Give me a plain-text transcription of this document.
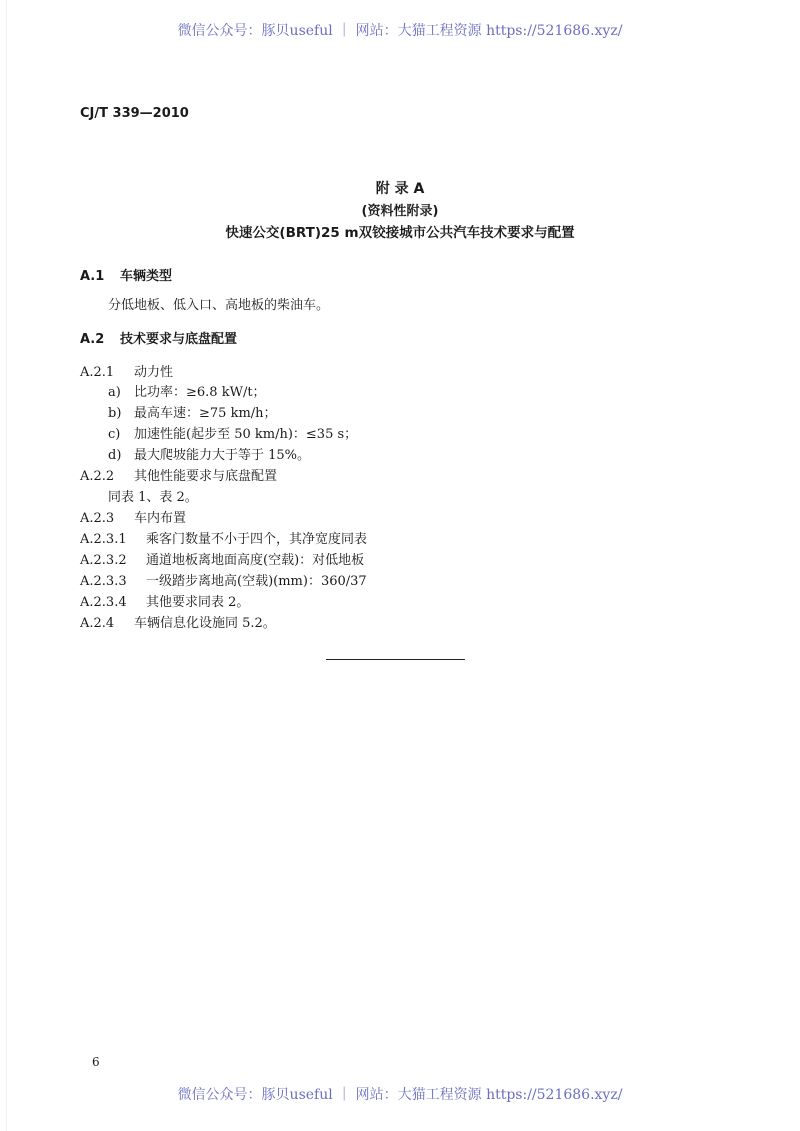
微信公众号：豚贝useful ｜ 网站：大猫工程资源 https://521686.xyz/
CJ/T 339—2010
附 录 A
(资料性附录)
快速公交(BRT)25 m双铰接城市公共汽车技术要求与配置
A.1 车辆类型
分低地板、低入口、高地板的柴油车。
A.2 技术要求与底盘配置
A.2.1 动力性
a) 比功率：≥6.8 kW/t；
b) 最高车速：≥75 km/h；
c) 加速性能(起步至 50 km/h)：≤35 s；
d) 最大爬坡能力大于等于 15%。
A.2.2 其他性能要求与底盘配置
同表 1、表 2。
A.2.3 车内布置
A.2.3.1 乘客门数量不小于四个，其净宽度同表
A.2.3.2 通道地板离地面高度(空载)：对低地板
A.2.3.3 一级踏步离地高(空载)(mm)：360/37
A.2.3.4 其他要求同表 2。
A.2.4 车辆信息化设施同 5.2。
6
微信公众号：豚贝useful ｜ 网站：大猫工程资源 https://521686.xyz/
